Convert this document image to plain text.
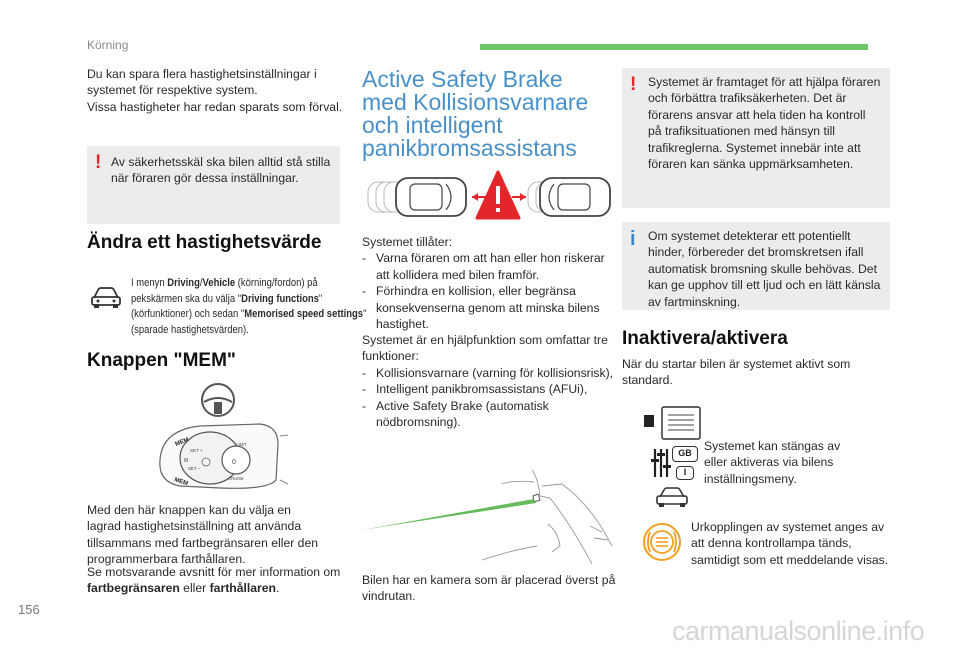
Körning
Du kan spara flera hastighetsinställningar i
systemet för respektive system.
Vissa hastigheter har redan sparats som förval.
! Av säkerhetsskäl ska bilen alltid stå stilla när föraren gör dessa inställningar.
Ändra ett hastighetsvärde
I menyn Driving/Vehicle (körning/fordon) på pekskärmen ska du välja "Driving functions" (körfunktioner) och sedan "Memorised speed settings" (sparade hastighetsvärden).
Knappen "MEM"
MEM
MEM
SET +
SET –
M
LIMIT
0
CRUISE
Med den här knappen kan du välja en
lagrad hastighetsinställning att använda
tillsammans med fartbegränsaren eller den
programmerbara farthållaren.
Se motsvarande avsnitt för mer information om
fartbegränsaren eller farthållaren.
Active Safety Brake
med Kollisionsvarnare
och intelligent
panikbromsassistans
Systemet tillåter:
- Varna föraren om att han eller hon riskerar att kollidera med bilen framför.
- Förhindra en kollision, eller begränsa konsekvenserna genom att minska bilens hastighet.
Systemet är en hjälpfunktion som omfattar tre funktioner:
- Kollisionsvarnare (varning för kollisionsrisk),
- Intelligent panikbromsassistans (AFUi),
- Active Safety Brake (automatisk nödbromsning).
Bilen har en kamera som är placerad överst på
vindrutan.
! Systemet är framtaget för att hjälpa föraren och förbättra trafiksäkerheten. Det är förarens ansvar att hela tiden ha kontroll på trafiksituationen med hänsyn till trafikreglerna. Systemet innebär inte att föraren kan sänka uppmärksamheten.
i Om systemet detekterar ett potentiellt hinder, förbereder det bromskretsen ifall automatisk bromsning skulle behövas. Det kan ge upphov till ett ljud och en lätt känsla av fartminskning.
Inaktivera/aktivera
När du startar bilen är systemet aktivt som
standard.
GB
I
Systemet kan stängas av eller aktiveras via bilens inställningsmeny.
Urkopplingen av systemet anges av att denna kontrollampa tänds, samtidigt som ett meddelande visas.
156
carmanualsonline.info
